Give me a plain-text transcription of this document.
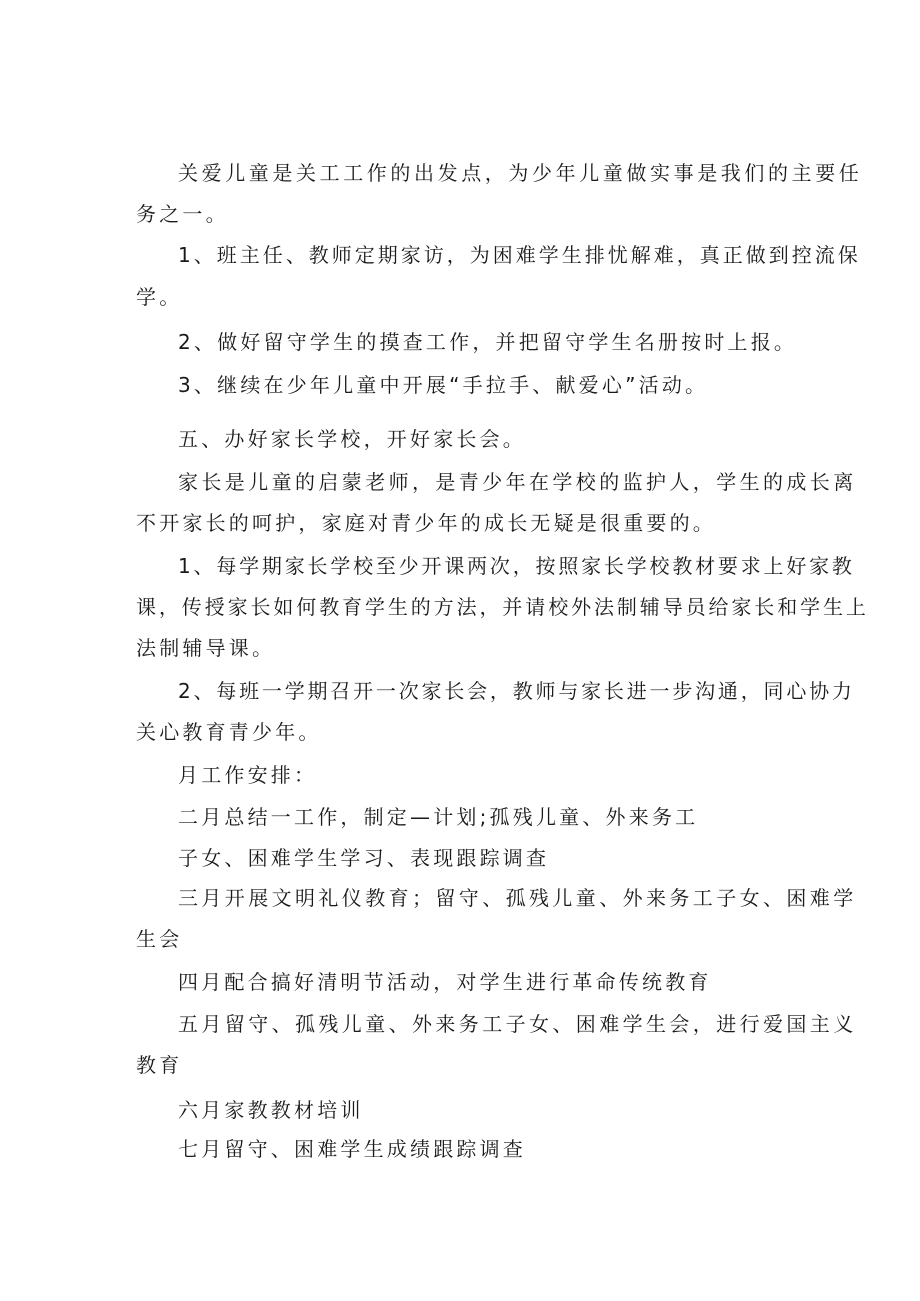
关爱儿童是关工工作的出发点，为少年儿童做实事是我们的主要任
务之一。
1、班主任、教师定期家访，为困难学生排忧解难，真正做到控流保
学。
2、做好留守学生的摸查工作，并把留守学生名册按时上报。
3、继续在少年儿童中开展“手拉手、献爱心”活动。
五、办好家长学校，开好家长会。
家长是儿童的启蒙老师，是青少年在学校的监护人，学生的成长离
不开家长的呵护，家庭对青少年的成长无疑是很重要的。
1、每学期家长学校至少开课两次，按照家长学校教材要求上好家教
课，传授家长如何教育学生的方法，并请校外法制辅导员给家长和学生上
法制辅导课。
2、每班一学期召开一次家长会，教师与家长进一步沟通，同心协力
关心教育青少年。
月工作安排：
二月总结一工作，制定—计划;孤残儿童、外来务工
子女、困难学生学习、表现跟踪调查
三月开展文明礼仪教育；留守、孤残儿童、外来务工子女、困难学
生会
四月配合搞好清明节活动，对学生进行革命传统教育
五月留守、孤残儿童、外来务工子女、困难学生会，进行爱国主义
教育
六月家教教材培训
七月留守、困难学生成绩跟踪调查
